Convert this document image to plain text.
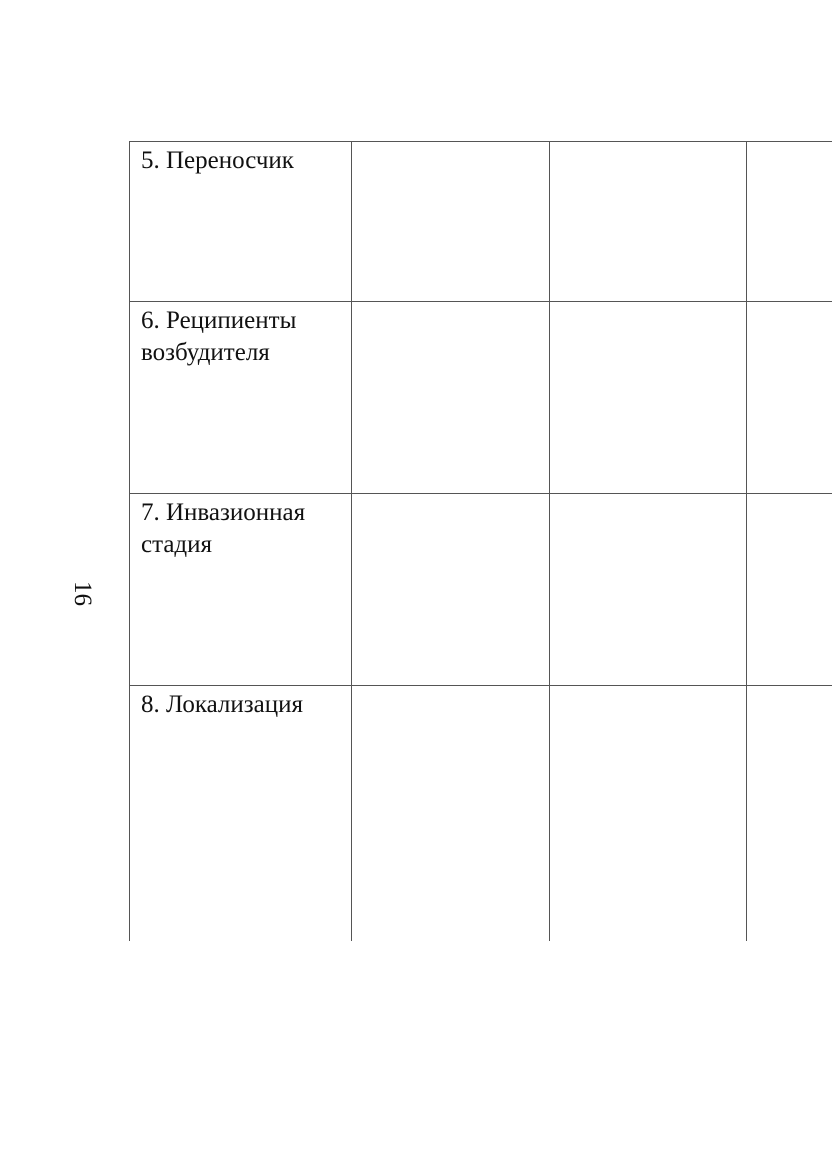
16
5. Переносчик			
6. Реципиенты возбудителя			
7. Инвазионная стадия			
8. Локализация			
